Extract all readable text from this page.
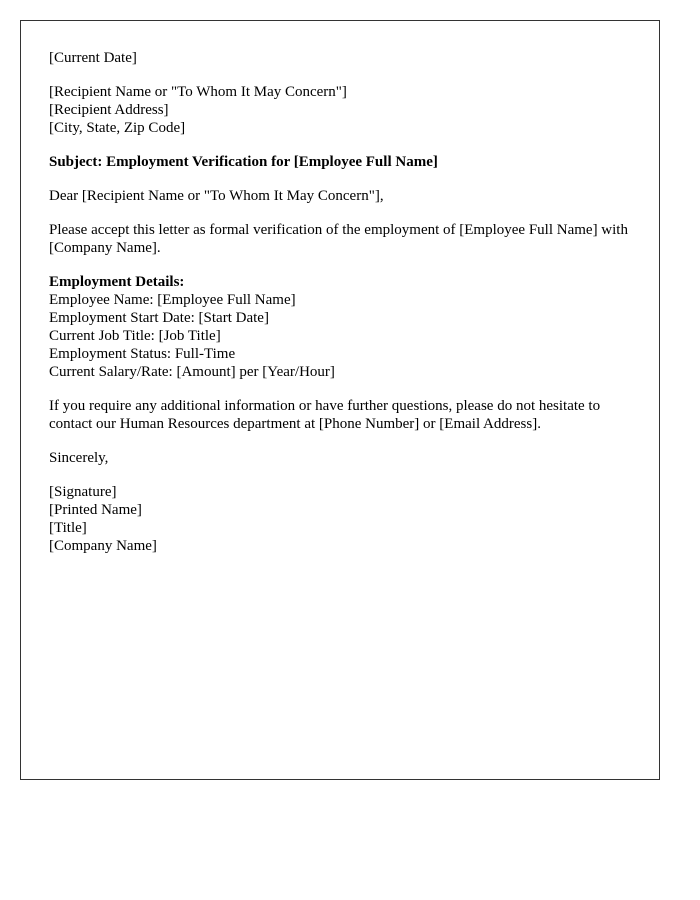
[Current Date]
[Recipient Name or "To Whom It May Concern"]
[Recipient Address]
[City, State, Zip Code]
Subject: Employment Verification for [Employee Full Name]
Dear [Recipient Name or "To Whom It May Concern"],
Please accept this letter as formal verification of the employment of [Employee Full Name] with [Company Name].
Employment Details:
Employee Name: [Employee Full Name]
Employment Start Date: [Start Date]
Current Job Title: [Job Title]
Employment Status: Full-Time
Current Salary/Rate: [Amount] per [Year/Hour]
If you require any additional information or have further questions, please do not hesitate to contact our Human Resources department at [Phone Number] or [Email Address].
Sincerely,
[Signature]
[Printed Name]
[Title]
[Company Name]
